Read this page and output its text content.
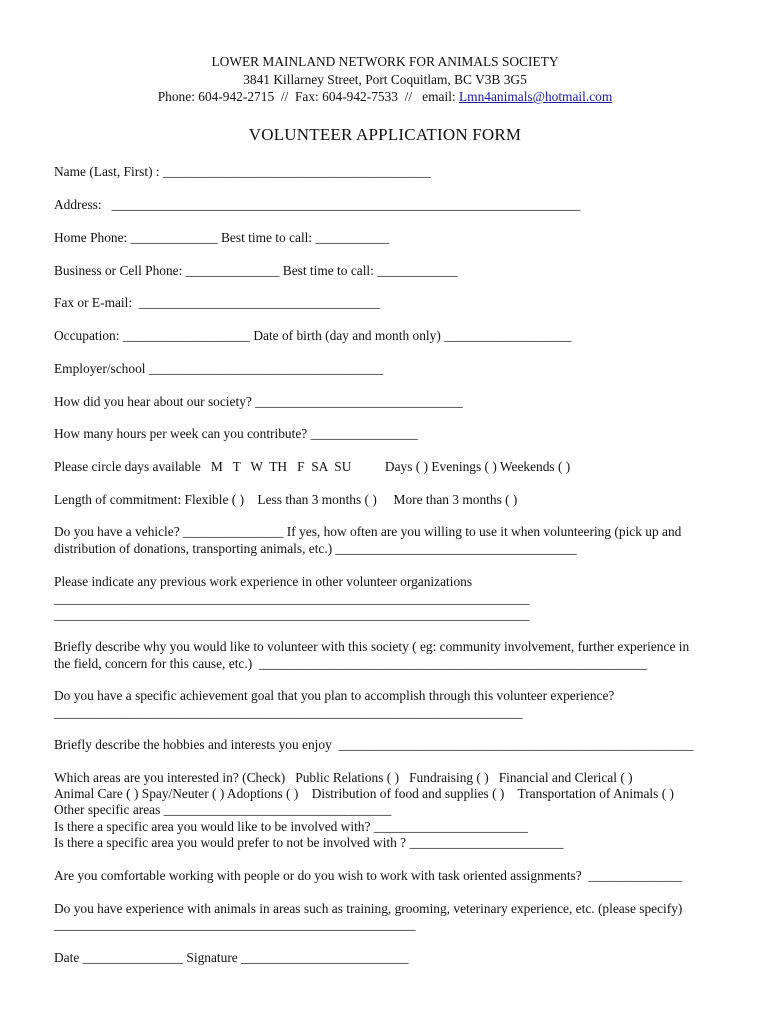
LOWER MAINLAND NETWORK FOR ANIMALS SOCIETY
3841 Killarney Street, Port Coquitlam, BC V3B 3G5
Phone: 604-942-2715  //  Fax: 604-942-7533  //   email: Lmn4animals@hotmail.com
VOLUNTEER APPLICATION FORM
Name (Last, First) : ________________________________________
Address:   ______________________________________________________________________
Home Phone: _____________ Best time to call: ___________
Business or Cell Phone: ______________ Best time to call: ____________
Fax or E-mail:  ____________________________________
Occupation: ___________________ Date of birth (day and month only) ___________________
Employer/school ___________________________________
How did you hear about our society? _______________________________
How many hours per week can you contribute? ________________
Please circle days available   M   T   W  TH   F  SA  SU          Days ( ) Evenings ( ) Weekends ( )
Length of commitment: Flexible ( )    Less than 3 months ( )     More than 3 months ( )
Do you have a vehicle? _______________ If yes, how often are you willing to use it when volunteering (pick up and
distribution of donations, transporting animals, etc.) ____________________________________
Please indicate any previous work experience in other volunteer organizations
_______________________________________________________________________
_______________________________________________________________________
Briefly describe why you would like to volunteer with this society ( eg: community involvement, further experience in
the field, concern for this cause, etc.)  __________________________________________________________
Do you have a specific achievement goal that you plan to accomplish through this volunteer experience?
______________________________________________________________________
Briefly describe the hobbies and interests you enjoy  _____________________________________________________
Which areas are you interested in? (Check)   Public Relations ( )   Fundraising ( )   Financial and Clerical ( )
Animal Care ( ) Spay/Neuter ( ) Adoptions ( )    Distribution of food and supplies ( )    Transportation of Animals ( )
Other specific areas __________________________________
Is there a specific area you would like to be involved with? _______________________
Is there a specific area you would prefer to not be involved with ? _______________________
Are you comfortable working with people or do you wish to work with task oriented assignments?  ______________
Do you have experience with animals in areas such as training, grooming, veterinary experience, etc. (please specify)
______________________________________________________
Date _______________ Signature _________________________
